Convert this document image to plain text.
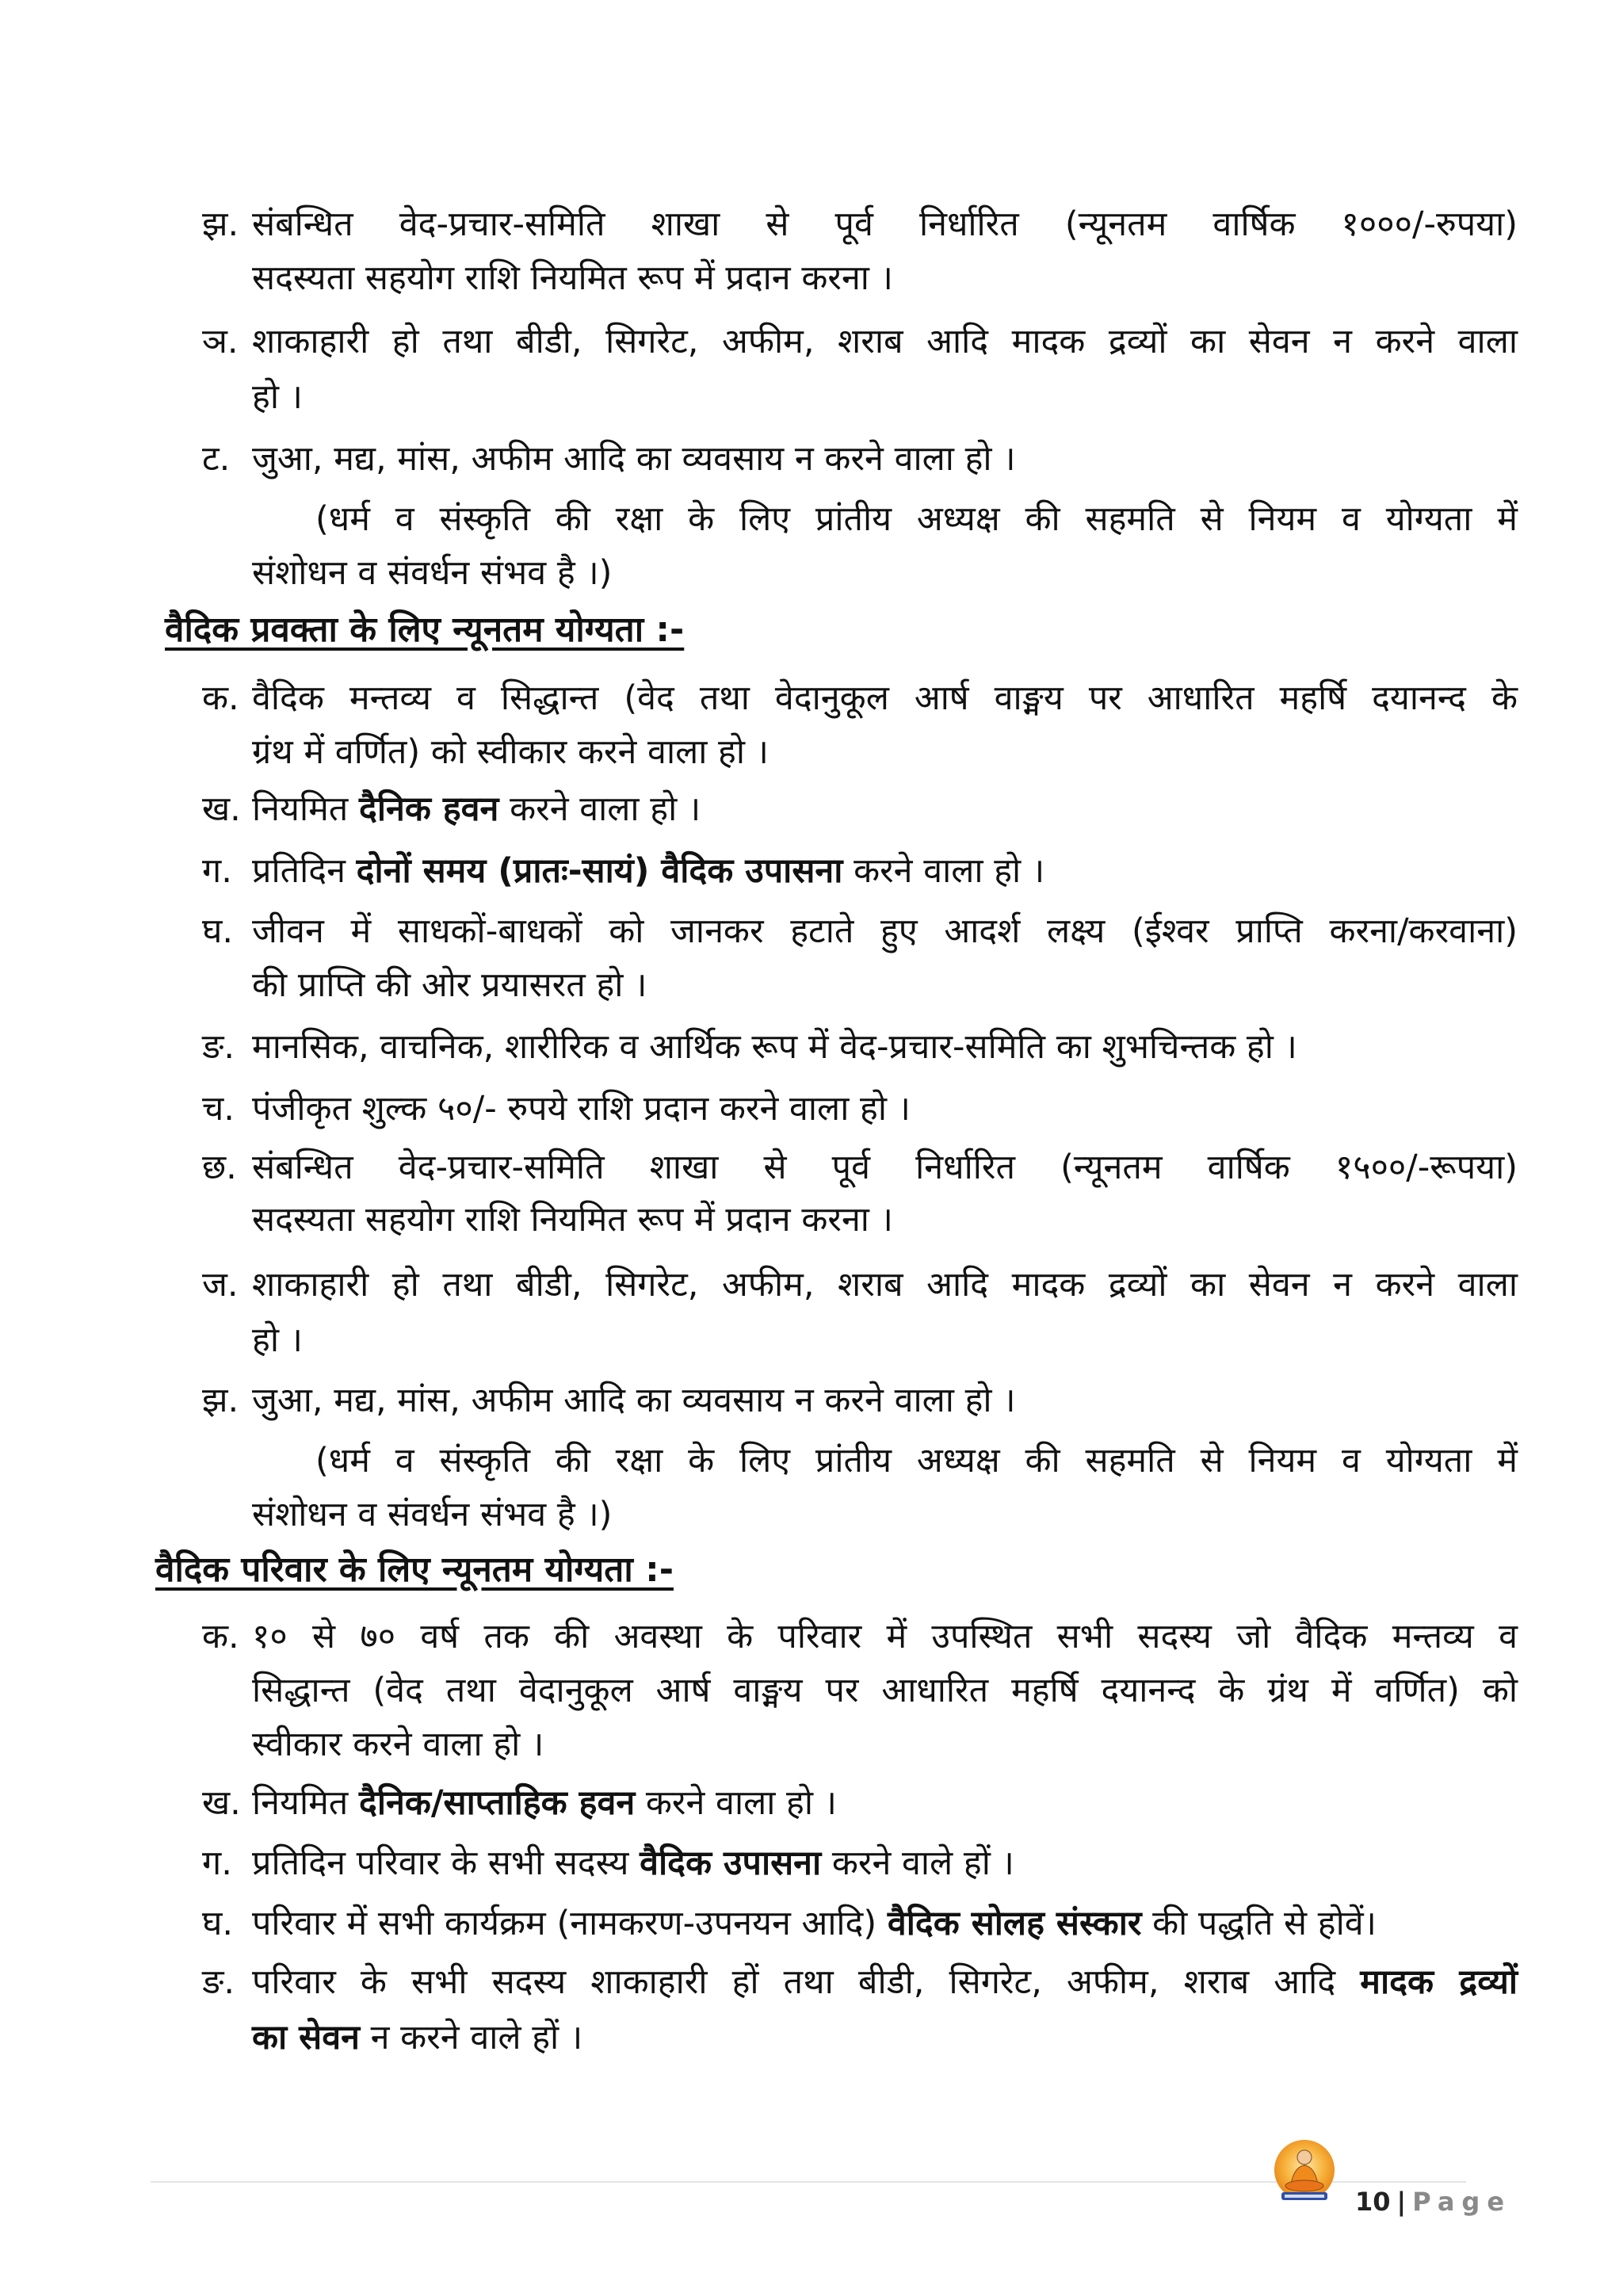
झ. संबन्धित वेद-प्रचार-समिति शाखा से पूर्व निर्धारित (न्यूनतम वार्षिक १०००/-रुपया)
सदस्यता सहयोग राशि नियमित रूप में प्रदान करना ।
ञ. शाकाहारी हो तथा बीडी, सिगरेट, अफीम, शराब आदि मादक द्रव्यों का सेवन न करने वाला
हो ।
ट. जुआ, मद्य, मांस, अफीम आदि का व्यवसाय न करने वाला हो ।
(धर्म व संस्कृति की रक्षा के लिए प्रांतीय अध्यक्ष की सहमति से नियम व योग्यता में
संशोधन व संवर्धन संभव है ।)
वैदिक प्रवक्ता के लिए न्यूनतम योग्यता :-
क. वैदिक मन्तव्य व सिद्धान्त (वेद तथा वेदानुकूल आर्ष वाङ्मय पर आधारित महर्षि दयानन्द के
ग्रंथ में वर्णित) को स्वीकार करने वाला हो ।
ख. नियमित दैनिक हवन करने वाला हो ।
ग. प्रतिदिन दोनों समय (प्रातः-सायं) वैदिक उपासना करने वाला हो ।
घ. जीवन में साधकों-बाधकों को जानकर हटाते हुए आदर्श लक्ष्य (ईश्वर प्राप्ति करना/करवाना)
की प्राप्ति की ओर प्रयासरत हो ।
ङ. मानसिक, वाचनिक, शारीरिक व आर्थिक रूप में वेद-प्रचार-समिति का शुभचिन्तक हो ।
च. पंजीकृत शुल्क ५०/- रुपये राशि प्रदान करने वाला हो ।
छ. संबन्धित वेद-प्रचार-समिति शाखा से पूर्व निर्धारित (न्यूनतम वार्षिक १५००/-रूपया)
सदस्यता सहयोग राशि नियमित रूप में प्रदान करना ।
ज. शाकाहारी हो तथा बीडी, सिगरेट, अफीम, शराब आदि मादक द्रव्यों का सेवन न करने वाला
हो ।
झ. जुआ, मद्य, मांस, अफीम आदि का व्यवसाय न करने वाला हो ।
(धर्म व संस्कृति की रक्षा के लिए प्रांतीय अध्यक्ष की सहमति से नियम व योग्यता में
संशोधन व संवर्धन संभव है ।)
वैदिक परिवार के लिए न्यूनतम योग्यता :-
क. १० से ७० वर्ष तक की अवस्था के परिवार में उपस्थित सभी सदस्य जो वैदिक मन्तव्य व
सिद्धान्त (वेद तथा वेदानुकूल आर्ष वाङ्मय पर आधारित महर्षि दयानन्द के ग्रंथ में वर्णित) को
स्वीकार करने वाला हो ।
ख. नियमित दैनिक/साप्ताहिक हवन करने वाला हो ।
ग. प्रतिदिन परिवार के सभी सदस्य वैदिक उपासना करने वाले हों ।
घ. परिवार में सभी कार्यक्रम (नामकरण-उपनयन आदि) वैदिक सोलह संस्कार की पद्धति से होवें।
ङ. परिवार के सभी सदस्य शाकाहारी हों तथा बीडी, सिगरेट, अफीम, शराब आदि मादक द्रव्यों
का सेवन न करने वाले हों ।
10 | Page
